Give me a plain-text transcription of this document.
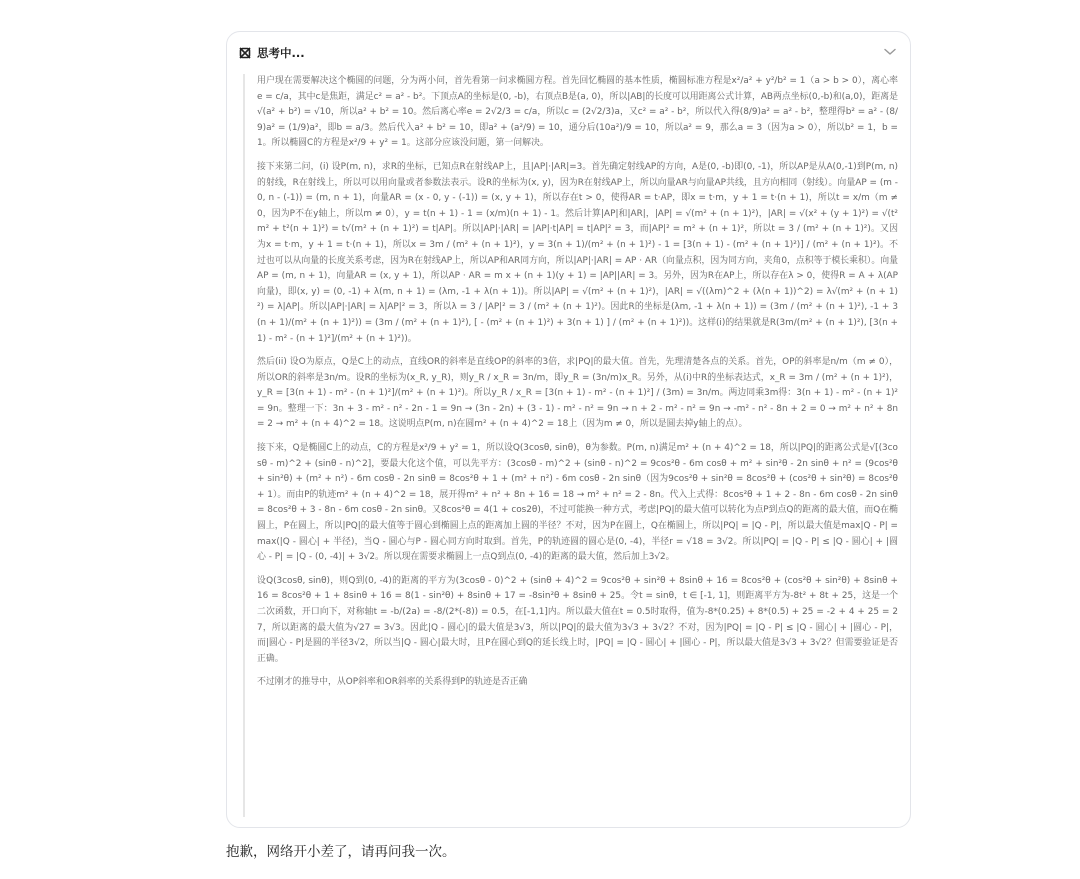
思考中...

用户现在需要解决这个椭圆的问题，分为两小问，首先看第一问求椭圆方程。首先回忆椭圆的基本性质，椭圆标准方程是x²/a² + y²/b² = 1（a > b > 0），离心率e = c/a，其中c是焦距，满足c² = a² - b²。下顶点A的坐标是(0, -b)，右顶点B是(a, 0)，所以|AB|的长度可以用距离公式计算，AB两点坐标(0,-b)和(a,0)，距离是√(a² + b²) = √10，所以a² + b² = 10。然后离心率e = 2√2/3 = c/a，所以c = (2√2/3)a，又c² = a² - b²，所以代入得(8/9)a² = a² - b²，整理得b² = a² - (8/9)a² = (1/9)a²，即b = a/3。然后代入a² + b² = 10，即a² + (a²/9) = 10，通分后(10a²)/9 = 10，所以a² = 9，那么a = 3（因为a > 0），所以b² = 1，b = 1。所以椭圆C的方程是x²/9 + y² = 1。这部分应该没问题，第一问解决。

接下来第二问，(i) 设P(m, n)，求R的坐标，已知点R在射线AP上，且|AP|·|AR|=3。首先确定射线AP的方向，A是(0, -b)即(0, -1)，所以AP是从A(0,-1)到P(m, n)的射线，R在射线上，所以可以用向量或者参数法表示。设R的坐标为(x, y)，因为R在射线AP上，所以向量AR与向量AP共线，且方向相同（射线）。向量AP = (m - 0, n - (-1)) = (m, n + 1)，向量AR = (x - 0, y - (-1)) = (x, y + 1)，所以存在t > 0，使得AR = t·AP，即x = t·m，y + 1 = t·(n + 1)，所以t = x/m（m ≠ 0，因为P不在y轴上，所以m ≠ 0），y = t(n + 1) - 1 = (x/m)(n + 1) - 1。然后计算|AP|和|AR|，|AP| = √(m² + (n + 1)²)，|AR| = √(x² + (y + 1)²) = √(t²m² + t²(n + 1)²) = t√(m² + (n + 1)²) = t|AP|。所以|AP|·|AR| = |AP|·t|AP| = t|AP|² = 3，而|AP|² = m² + (n + 1)²，所以t = 3 / (m² + (n + 1)²)。又因为x = t·m，y + 1 = t·(n + 1)，所以x = 3m / (m² + (n + 1)²)，y = 3(n + 1)/(m² + (n + 1)²) - 1 = [3(n + 1) - (m² + (n + 1)²)] / (m² + (n + 1)²)。不过也可以从向量的长度关系考虑，因为R在射线AP上，所以AP和AR同方向，所以|AP|·|AR| = AP · AR（向量点积，因为同方向，夹角0，点积等于模长乘积）。向量AP = (m, n + 1)，向量AR = (x, y + 1)，所以AP · AR = m x + (n + 1)(y + 1) = |AP||AR| = 3。另外，因为R在AP上，所以存在λ > 0，使得R = A + λ(AP向量)，即(x, y) = (0, -1) + λ(m, n + 1) = (λm, -1 + λ(n + 1))。所以|AP| = √(m² + (n + 1)²)，|AR| = √((λm)^2 + (λ(n + 1))^2) = λ√(m² + (n + 1)²) = λ|AP|。所以|AP|·|AR| = λ|AP|² = 3，所以λ = 3 / |AP|² = 3 / (m² + (n + 1)²)。因此R的坐标是(λm, -1 + λ(n + 1)) = (3m / (m² + (n + 1)²), -1 + 3(n + 1)/(m² + (n + 1)²)) = (3m / (m² + (n + 1)²), [ - (m² + (n + 1)²) + 3(n + 1) ] / (m² + (n + 1)²))。这样(i)的结果就是R(3m/(m² + (n + 1)²), [3(n + 1) - m² - (n + 1)²]/(m² + (n + 1)²))。

然后(ii) 设O为原点，Q是C上的动点，直线OR的斜率是直线OP的斜率的3倍，求|PQ|的最大值。首先，先理清楚各点的关系。首先，OP的斜率是n/m（m ≠ 0），所以OR的斜率是3n/m。设R的坐标为(x_R, y_R)，则y_R / x_R = 3n/m，即y_R = (3n/m)x_R。另外，从(i)中R的坐标表达式，x_R = 3m / (m² + (n + 1)²)，y_R = [3(n + 1) - m² - (n + 1)²]/(m² + (n + 1)²)。所以y_R / x_R = [3(n + 1) - m² - (n + 1)²] / (3m) = 3n/m。两边同乘3m得：3(n + 1) - m² - (n + 1)² = 9n。整理一下：3n + 3 - m² - n² - 2n - 1 = 9n → (3n - 2n) + (3 - 1) - m² - n² = 9n → n + 2 - m² - n² = 9n → -m² - n² - 8n + 2 = 0 → m² + n² + 8n = 2 → m² + (n + 4)^2 = 18。这说明点P(m, n)在圆m² + (n + 4)^2 = 18上（因为m ≠ 0，所以是圆去掉y轴上的点）。

接下来，Q是椭圆C上的动点，C的方程是x²/9 + y² = 1，所以设Q(3cosθ, sinθ)，θ为参数。P(m, n)满足m² + (n + 4)^2 = 18，所以|PQ|的距离公式是√[(3cosθ - m)^2 + (sinθ - n)^2]，要最大化这个值，可以先平方：(3cosθ - m)^2 + (sinθ - n)^2 = 9cos²θ - 6m cosθ + m² + sin²θ - 2n sinθ + n² = (9cos²θ + sin²θ) + (m² + n²) - 6m cosθ - 2n sinθ = 8cos²θ + 1 + (m² + n²) - 6m cosθ - 2n sinθ（因为9cos²θ + sin²θ = 8cos²θ + (cos²θ + sin²θ) = 8cos²θ + 1）。而由P的轨迹m² + (n + 4)^2 = 18，展开得m² + n² + 8n + 16 = 18 → m² + n² = 2 - 8n。代入上式得：8cos²θ + 1 + 2 - 8n - 6m cosθ - 2n sinθ = 8cos²θ + 3 - 8n - 6m cosθ - 2n sinθ。又8cos²θ = 4(1 + cos2θ)，不过可能换一种方式，考虑|PQ|的最大值可以转化为点P到点Q的距离的最大值，而Q在椭圆上，P在圆上，所以|PQ|的最大值等于圆心到椭圆上点的距离加上圆的半径？不对，因为P在圆上，Q在椭圆上，所以|PQ| = |Q - P|，所以最大值是max|Q - P| = max(|Q - 圆心| + 半径)，当Q - 圆心与P - 圆心同方向时取到。首先，P的轨迹圆的圆心是(0, -4)，半径r = √18 = 3√2。所以|PQ| = |Q - P| ≤ |Q - 圆心| + |圆心 - P| = |Q - (0, -4)| + 3√2。所以现在需要求椭圆上一点Q到点(0, -4)的距离的最大值，然后加上3√2。

设Q(3cosθ, sinθ)，则Q到(0, -4)的距离的平方为(3cosθ - 0)^2 + (sinθ + 4)^2 = 9cos²θ + sin²θ + 8sinθ + 16 = 8cos²θ + (cos²θ + sin²θ) + 8sinθ + 16 = 8cos²θ + 1 + 8sinθ + 16 = 8(1 - sin²θ) + 8sinθ + 17 = -8sin²θ + 8sinθ + 25。令t = sinθ，t ∈ [-1, 1]，则距离平方为-8t² + 8t + 25，这是一个二次函数，开口向下，对称轴t = -b/(2a) = -8/(2*(-8)) = 0.5，在[-1,1]内。所以最大值在t = 0.5时取得，值为-8*(0.25) + 8*(0.5) + 25 = -2 + 4 + 25 = 27，所以距离的最大值为√27 = 3√3。因此|Q - 圆心|的最大值是3√3，所以|PQ|的最大值为3√3 + 3√2？不对，因为|PQ| = |Q - P| ≤ |Q - 圆心| + |圆心 - P|，而|圆心 - P|是圆的半径3√2，所以当|Q - 圆心|最大时，且P在圆心到Q的延长线上时，|PQ| = |Q - 圆心| + |圆心 - P|，所以最大值是3√3 + 3√2？但需要验证是否正确。

不过刚才的推导中，从OP斜率和OR斜率的关系得到P的轨迹是否正确

抱歉，网络开小差了，请再问我一次。
